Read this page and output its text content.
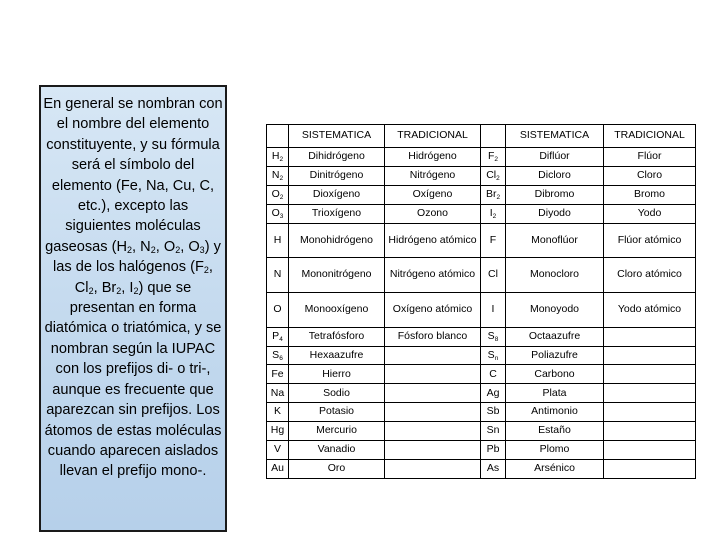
En general se nombran con el nombre del elemento constituyente, y su fórmula será el símbolo del elemento (Fe, Na, Cu, C, etc.), excepto las siguientes moléculas gaseosas ($H_2$, $N_2$, $O_2$, $O_3$) y las de los halógenos ($F_2$, $Cl_2$, $Br_2$, $I_2$) que se presentan en forma diatómica o triatómica, y se nombran según la IUPAC con los prefijos di- o tri-, aunque es frecuente que aparezcan sin prefijos. Los átomos de estas moléculas cuando aparecen aislados llevan el prefijo mono-.
	SISTEMATICA	TRADICIONAL		SISTEMATICA	TRADICIONAL
$H_2$	Dihidrógeno	Hidrógeno	$F_2$	Diflúor	Flúor
$N_2$	Dinitrógeno	Nitrógeno	$Cl_2$	Dicloro	Cloro
$O_2$	Dioxígeno	Oxígeno	$Br_2$	Dibromo	Bromo
$O_3$	Trioxígeno	Ozono	$I_2$	Diyodo	Yodo
H	Monohidrógeno	Hidrógeno atómico	F	Monoflúor	Flúor atómico
N	Mononitrógeno	Nitrógeno atómico	Cl	Monocloro	Cloro atómico
O	Monooxígeno	Oxígeno atómico	I	Monoyodo	Yodo atómico
$P_4$	Tetrafósforo	Fósforo blanco	$S_8$	Octaazufre	
$S_6$	Hexaazufre		$S_n$	Poliazufre	
Fe	Hierro		C	Carbono	
Na	Sodio		Ag	Plata	
K	Potasio		Sb	Antimonio	
Hg	Mercurio		Sn	Estaño	
V	Vanadio		Pb	Plomo	
Au	Oro		As	Arsénico	
